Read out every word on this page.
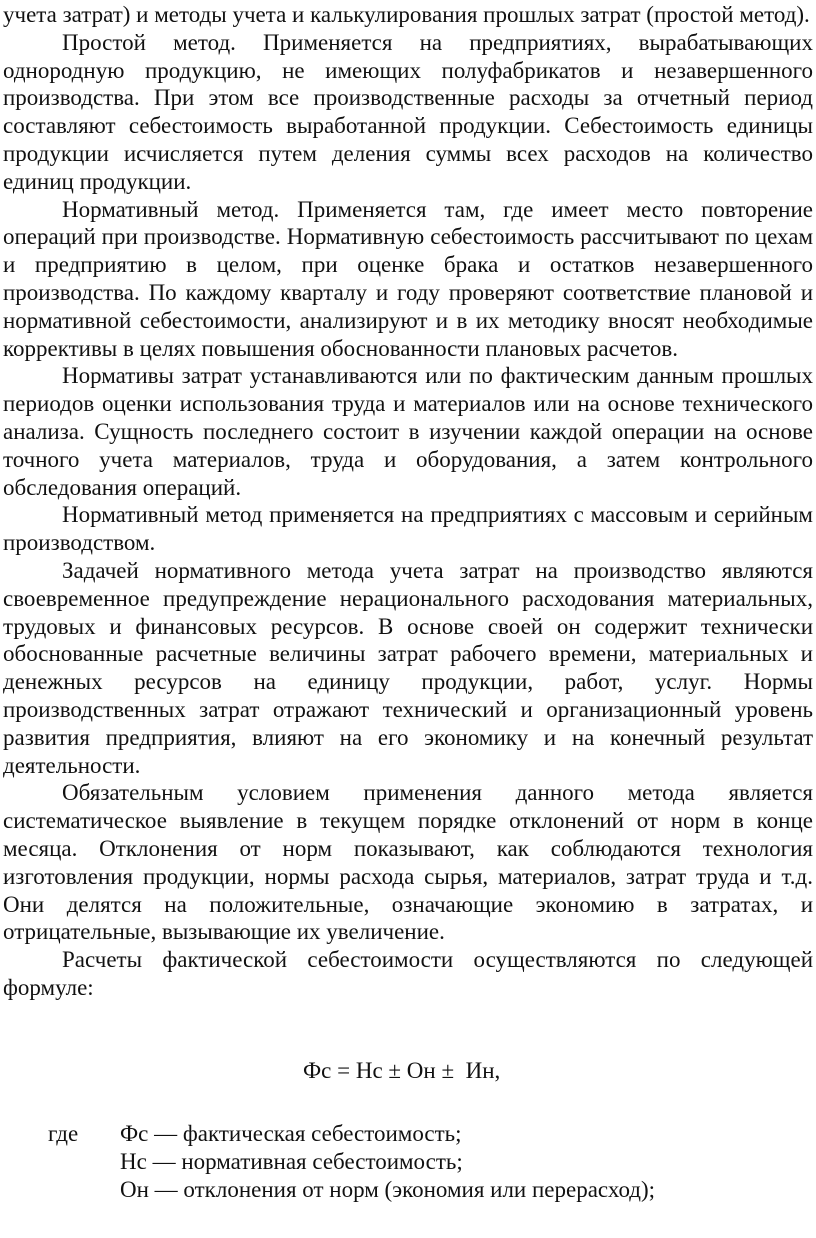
учета затрат) и методы учета и калькулирования прошлых затрат (простой метод).

Простой метод. Применяется на предприятиях, вырабатывающих однородную продукцию, не имеющих полуфабрикатов и незавершенного производства. При этом все производственные расходы за отчетный период составляют себестоимость выработанной продукции. Себестоимость единицы продукции исчисляется путем деления суммы всех расходов на количество единиц продукции.

Нормативный метод. Применяется там, где имеет место повторение операций при производстве. Нормативную себестоимость рассчитывают по цехам и предприятию в целом, при оценке брака и остатков незавершенного производства. По каждому кварталу и году проверяют соответствие плановой и нормативной себестоимости, анализируют и в их методику вносят необходимые коррективы в целях повышения обоснованности плановых расчетов.

Нормативы затрат устанавливаются или по фактическим данным прошлых периодов оценки использования труда и материалов или на основе технического анализа. Сущность последнего состоит в изучении каждой операции на основе точного учета материалов, труда и оборудования, а затем контрольного обследования операций.

Нормативный метод применяется на предприятиях с массовым и серийным производством.

Задачей нормативного метода учета затрат на производство являются своевременное предупреждение нерационального расходования материальных, трудовых и финансовых ресурсов. В основе своей он содержит технически обоснованные расчетные величины затрат рабочего времени, материальных и денежных ресурсов на единицу продукции, работ, услуг. Нормы производственных затрат отражают технический и организационный уровень развития предприятия, влияют на его экономику и на конечный результат деятельности.

Обязательным условием применения данного метода является систематическое выявление в текущем порядке отклонений от норм в конце месяца. Отклонения от норм показывают, как соблюдаются технология изготовления продукции, нормы расхода сырья, материалов, затрат труда и т.д. Они делятся на положительные, означающие экономию в затратах, и отрицательные, вызывающие их увеличение.

Расчеты фактической себестоимости осуществляются по следующей формуле:

Фс = Нс ± Он ±  Ин,

где	Фс — фактическая себестоимость;
Нс — нормативная себестоимость;
Он — отклонения от норм (экономия или перерасход);
